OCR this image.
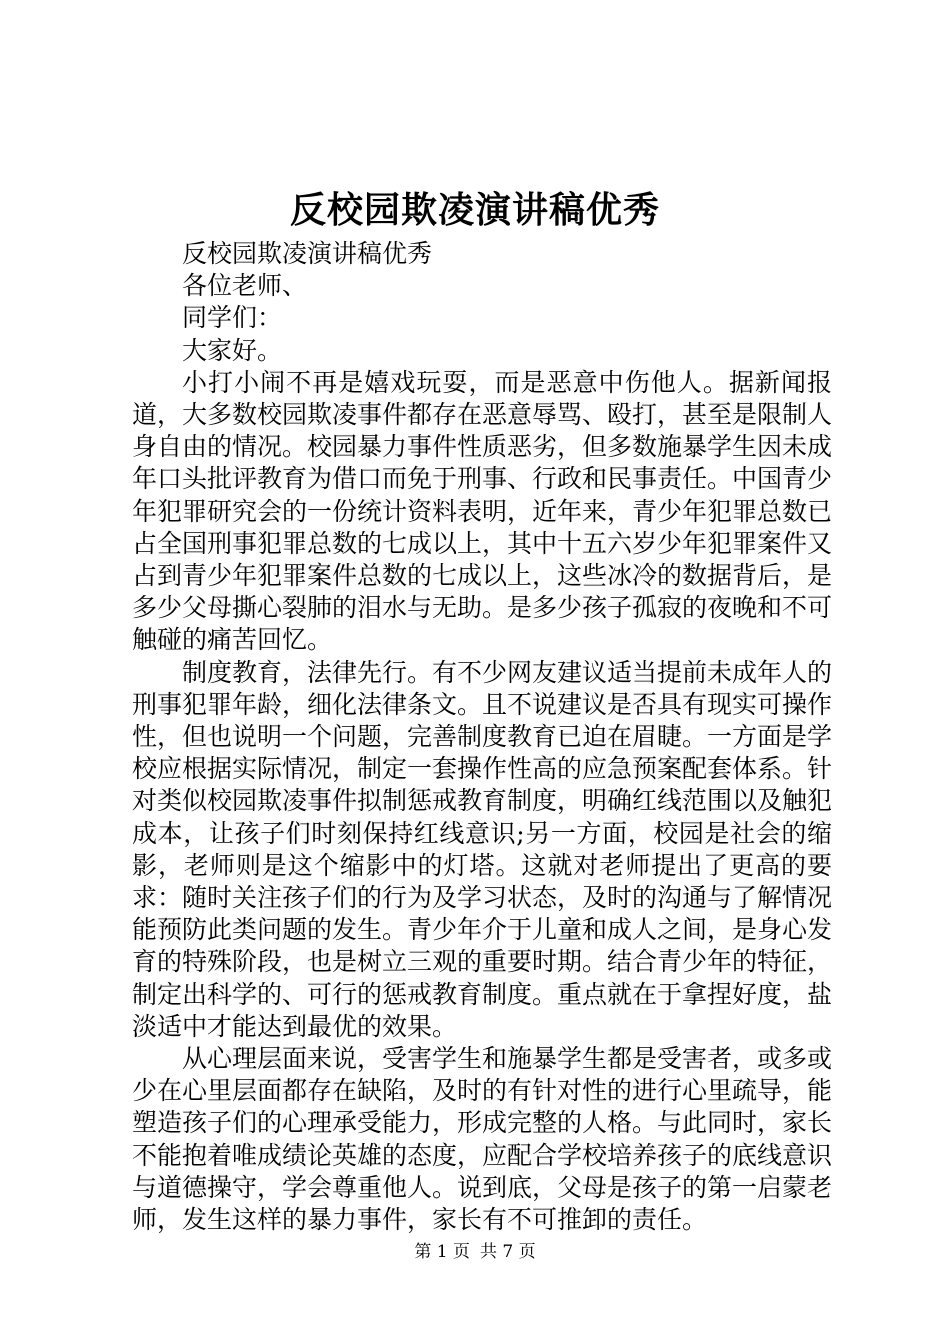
反校园欺凌演讲稿优秀

反校园欺凌演讲稿优秀

各位老师、

同学们：

大家好。

小打小闹不再是嬉戏玩耍，而是恶意中伤他人。据新闻报道，大多数校园欺凌事件都存在恶意辱骂、殴打，甚至是限制人身自由的情况。校园暴力事件性质恶劣，但多数施暴学生因未成年口头批评教育为借口而免于刑事、行政和民事责任。中国青少年犯罪研究会的一份统计资料表明，近年来，青少年犯罪总数已占全国刑事犯罪总数的七成以上，其中十五六岁少年犯罪案件又占到青少年犯罪案件总数的七成以上，这些冰冷的数据背后，是多少父母撕心裂肺的泪水与无助。是多少孩子孤寂的夜晚和不可触碰的痛苦回忆。

制度教育，法律先行。有不少网友建议适当提前未成年人的刑事犯罪年龄，细化法律条文。且不说建议是否具有现实可操作性，但也说明一个问题，完善制度教育已迫在眉睫。一方面是学校应根据实际情况，制定一套操作性高的应急预案配套体系。针对类似校园欺凌事件拟制惩戒教育制度，明确红线范围以及触犯成本，让孩子们时刻保持红线意识;另一方面，校园是社会的缩影，老师则是这个缩影中的灯塔。这就对老师提出了更高的要求：随时关注孩子们的行为及学习状态，及时的沟通与了解情况能预防此类问题的发生。青少年介于儿童和成人之间，是身心发育的特殊阶段，也是树立三观的重要时期。结合青少年的特征，制定出科学的、可行的惩戒教育制度。重点就在于拿捏好度，盐淡适中才能达到最优的效果。

从心理层面来说，受害学生和施暴学生都是受害者，或多或少在心里层面都存在缺陷，及时的有针对性的进行心里疏导，能塑造孩子们的心理承受能力，形成完整的人格。与此同时，家长不能抱着唯成绩论英雄的态度，应配合学校培养孩子的底线意识与道德操守，学会尊重他人。说到底，父母是孩子的第一启蒙老师，发生这样的暴力事件，家长有不可推卸的责任。

第 1 页 共 7 页
